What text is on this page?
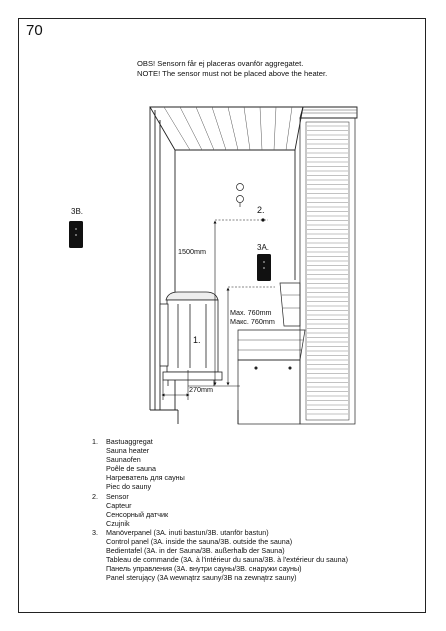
70
OBS! Sensorn får ej placeras ovanför aggregatet.
NOTE! The sensor must not be placed above the heater.
2.
1.
3A.
3B.
1500mm
Max. 760mm
Макс. 760mm
270mm
1. Bastuaggregat
Sauna heater
Saunaofen
Poêle de sauna
Нагреватель для сауны
Piec do sauny
2. Sensor
Capteur
Сенсорный датчик
Czujnik
3. Manöverpanel (3A. inuti bastun/3B. utanför bastun)
Control panel (3A. inside the sauna/3B. outside the sauna)
Bedientafel (3A. in der Sauna/3B. außerhalb der Sauna)
Tableau de commande (3A. à l'intérieur du sauna/3B. à l'extérieur du sauna)
Панель управления (3A. внутри сауны/3B. снаружи сауны)
Panel sterujący (3A wewnątrz sauny/3B na zewnątrz sauny)
